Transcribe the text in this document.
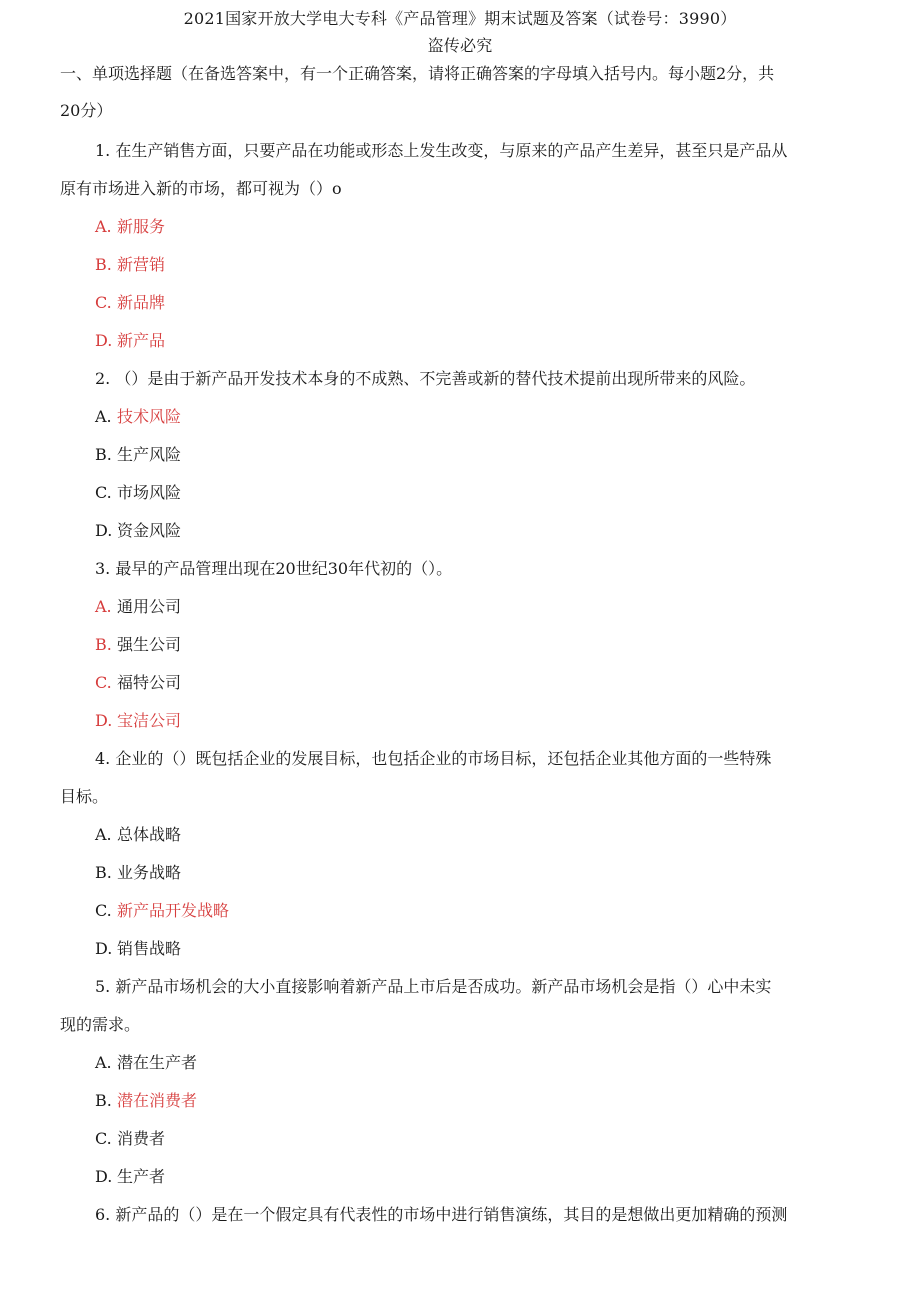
2021国家开放大学电大专科《产品管理》期末试题及答案（试卷号：3990）
盗传必究
一、单项选择题（在备选答案中，有一个正确答案，请将正确答案的字母填入括号内。每小题2分，共
20分）
1. 在生产销售方面，只要产品在功能或形态上发生改变，与原来的产品产生差异，甚至只是产品从
原有市场进入新的市场，都可视为（）o
A. 新服务
B. 新营销
C. 新品牌
D. 新产品
2. （）是由于新产品开发技术本身的不成熟、不完善或新的替代技术提前出现所带来的风险。
A. 技术风险
B. 生产风险
C. 市场风险
D. 资金风险
3. 最早的产品管理出现在20世纪30年代初的（）。
A. 通用公司
B. 强生公司
C. 福特公司
D. 宝洁公司
4. 企业的（）既包括企业的发展目标，也包括企业的市场目标，还包括企业其他方面的一些特殊
目标。
A. 总体战略
B. 业务战略
C. 新产品开发战略
D. 销售战略
5. 新产品市场机会的大小直接影响着新产品上市后是否成功。新产品市场机会是指（）心中未实
现的需求。
A. 潜在生产者
B. 潜在消费者
C. 消费者
D. 生产者
6. 新产品的（）是在一个假定具有代表性的市场中进行销售演练，其目的是想做出更加精确的预测
